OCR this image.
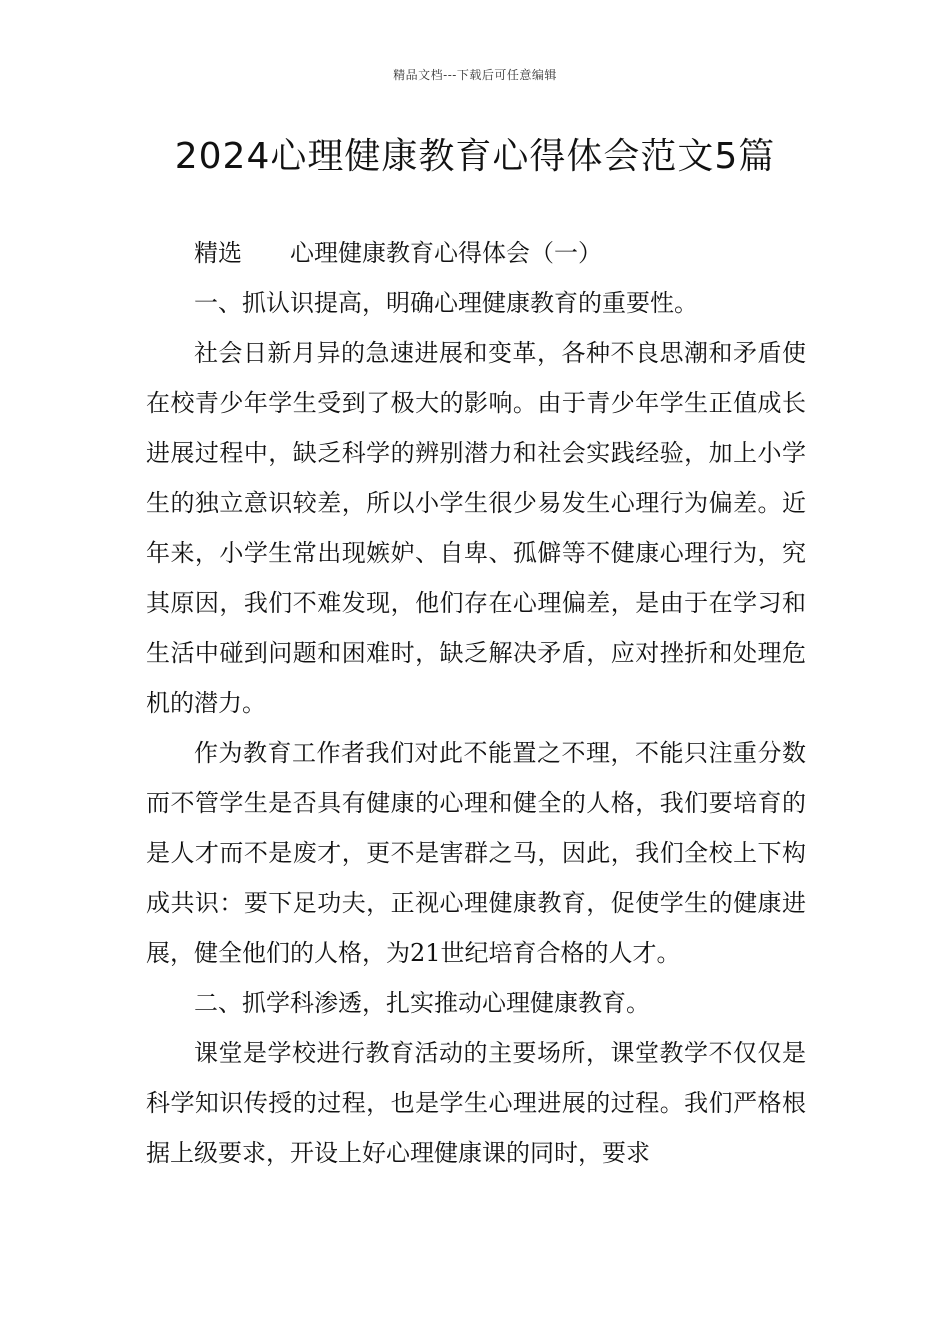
精品文档---下载后可任意编辑
2024心理健康教育心得体会范文5篇

精选　　心理健康教育心得体会（一）

一、抓认识提高，明确心理健康教育的重要性。

社会日新月异的急速进展和变革，各种不良思潮和矛盾使在校青少年学生受到了极大的影响。由于青少年学生正值成长进展过程中，缺乏科学的辨别潜力和社会实践经验，加上小学生的独立意识较差，所以小学生很少易发生心理行为偏差。近年来，小学生常出现嫉妒、自卑、孤僻等不健康心理行为，究其原因，我们不难发现，他们存在心理偏差，是由于在学习和生活中碰到问题和困难时，缺乏解决矛盾，应对挫折和处理危机的潜力。

作为教育工作者我们对此不能置之不理，不能只注重分数而不管学生是否具有健康的心理和健全的人格，我们要培育的是人才而不是废才，更不是害群之马，因此，我们全校上下构成共识：要下足功夫，正视心理健康教育，促使学生的健康进展，健全他们的人格，为21世纪培育合格的人才。

二、抓学科渗透，扎实推动心理健康教育。

课堂是学校进行教育活动的主要场所，课堂教学不仅仅是科学知识传授的过程，也是学生心理进展的过程。我们严格根据上级要求，开设上好心理健康课的同时，要求
